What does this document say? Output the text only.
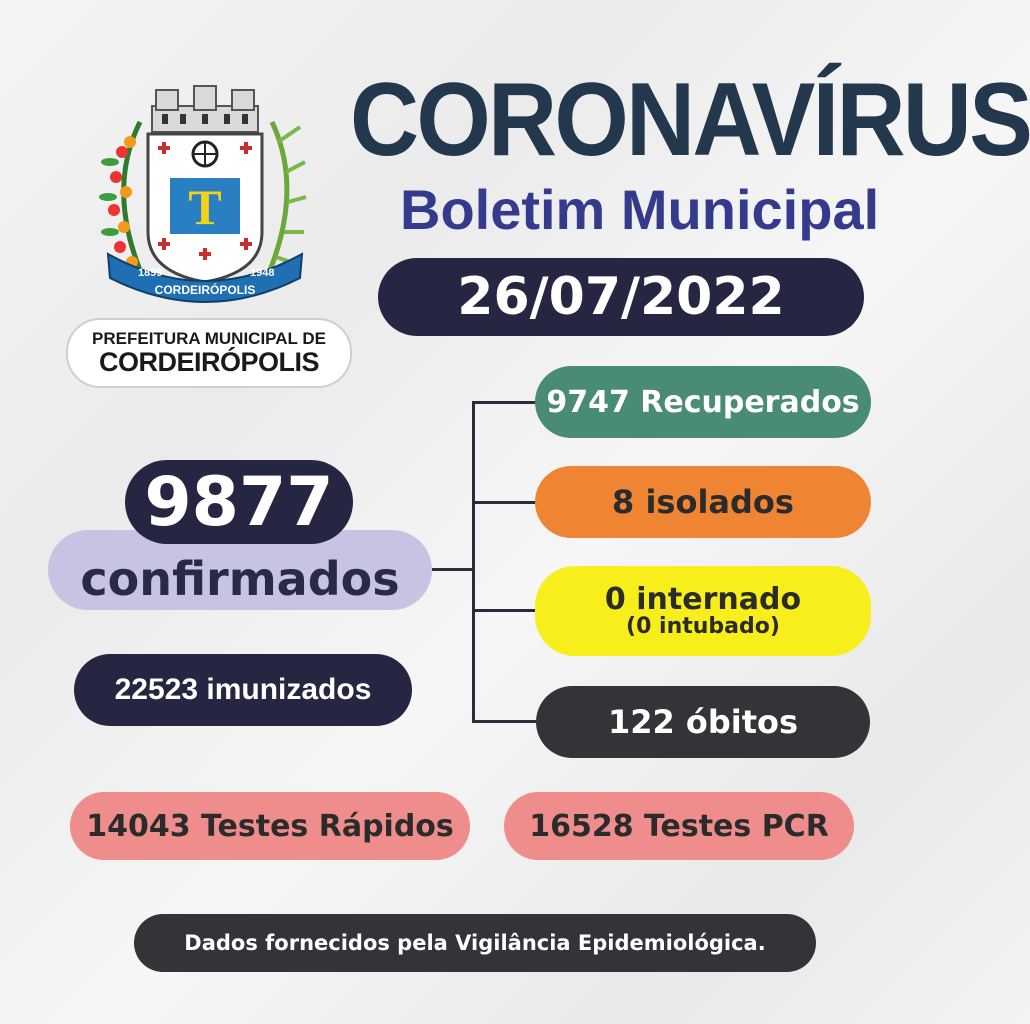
T
1899	1948
CORDEIRÓPOLIS
PREFEITURA MUNICIPAL DE
CORDEIRÓPOLIS
CORONAVÍRUS
Boletim Municipal
26/07/2022
9747 Recuperados
8 isolados
0 internado
(0 intubado)
122 óbitos
confirmados
9877
22523 imunizados
14043 Testes Rápidos	16528 Testes PCR
Dados fornecidos pela Vigilância Epidemiológica.
